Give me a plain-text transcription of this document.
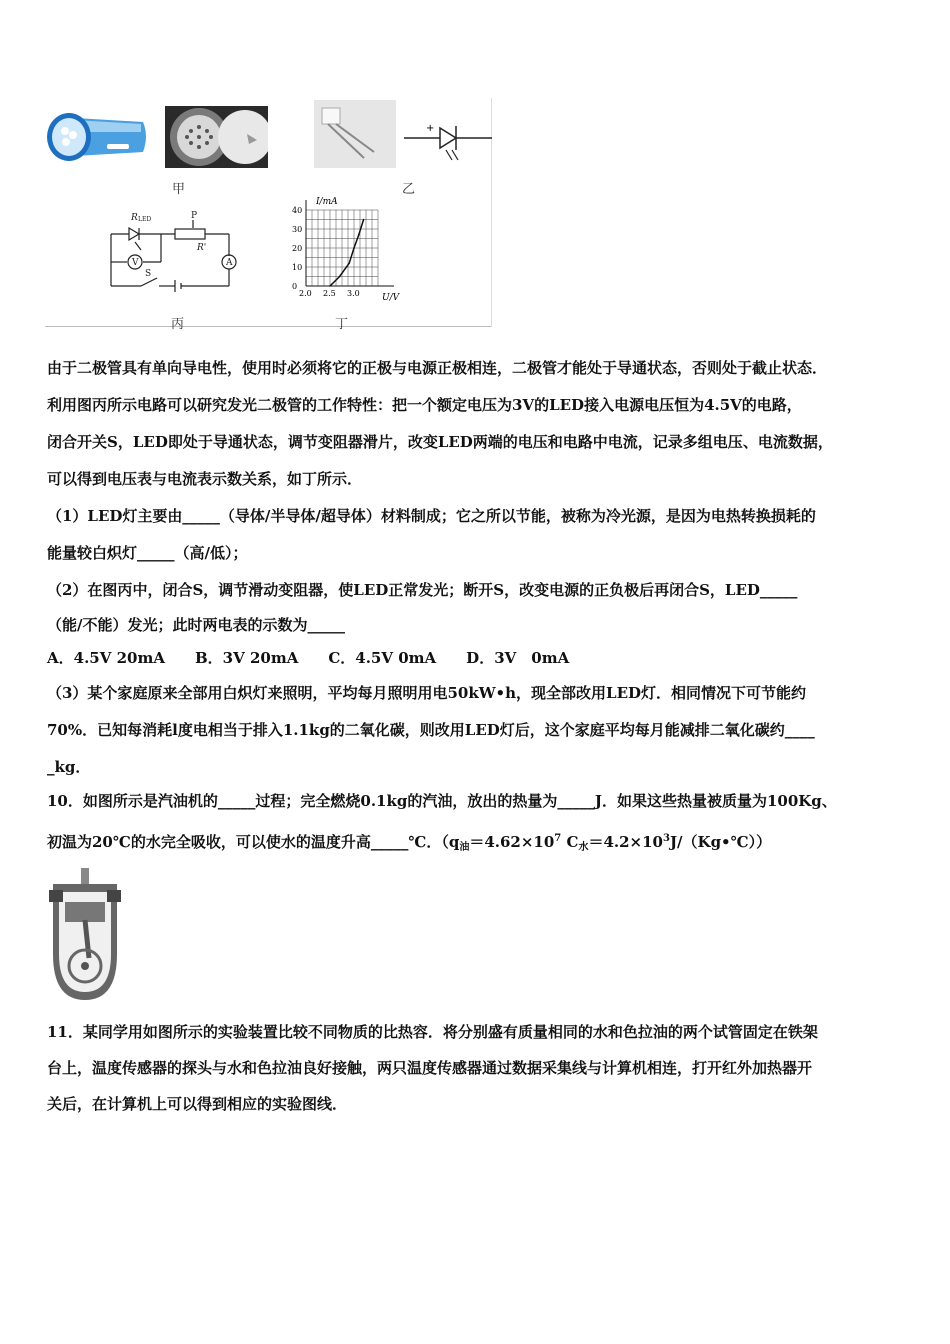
甲
+
乙
R LED	P
R'
V	A
S
丙
2.0 2.5 3.0
0
10
20
30
40
I/mA
U/V
丁
由于二极管具有单向导电性，使用时必须将它的正极与电源正极相连，二极管才能处于导通状态，否则处于截止状态．
利用图丙所示电路可以研究发光二极管的工作特性：把一个额定电压为3V的LED接入电源电压恒为4.5V的电路，
闭合开关S，LED即处于导通状态，调节变阻器滑片，改变LED两端的电压和电路中电流，记录多组电压、电流数据，
可以得到电压表与电流表示数关系，如丁所示．
（1）LED灯主要由_____（导体/半导体/超导体）材料制成；它之所以节能，被称为冷光源，是因为电热转换损耗的
能量较白炽灯_____（高/低）；
（2）在图丙中，闭合S，调节滑动变阻器，使LED正常发光；断开S，改变电源的正负极后再闭合S，LED_____
（能/不能）发光；此时两电表的示数为_____
A．4.5V 20mA　　B．3V 20mA　　C．4.5V 0mA　　D．3V　0mA
（3）某个家庭原来全部用白炽灯来照明，平均每月照明用电50kW•h，现全部改用LED灯．相同情况下可节能约
70%．已知每消耗l度电相当于排入1.1kg的二氧化碳，则改用LED灯后，这个家庭平均每月能减排二氧化碳约____
_kg．
10．如图所示是汽油机的_____过程；完全燃烧0.1kg的汽油，放出的热量为_____J．如果这些热量被质量为100Kg、
初温为20℃的水完全吸收，可以使水的温度升高_____℃．（$q_油=4.62\times 10^7$ $C_水=4.2\times 10^3J/(Kg•℃)$）
11．某同学用如图所示的实验装置比较不同物质的比热容．将分别盛有质量相同的水和色拉油的两个试管固定在铁架
台上，温度传感器的探头与水和色拉油良好接触，两只温度传感器通过数据采集线与计算机相连，打开红外加热器开
关后，在计算机上可以得到相应的实验图线．
